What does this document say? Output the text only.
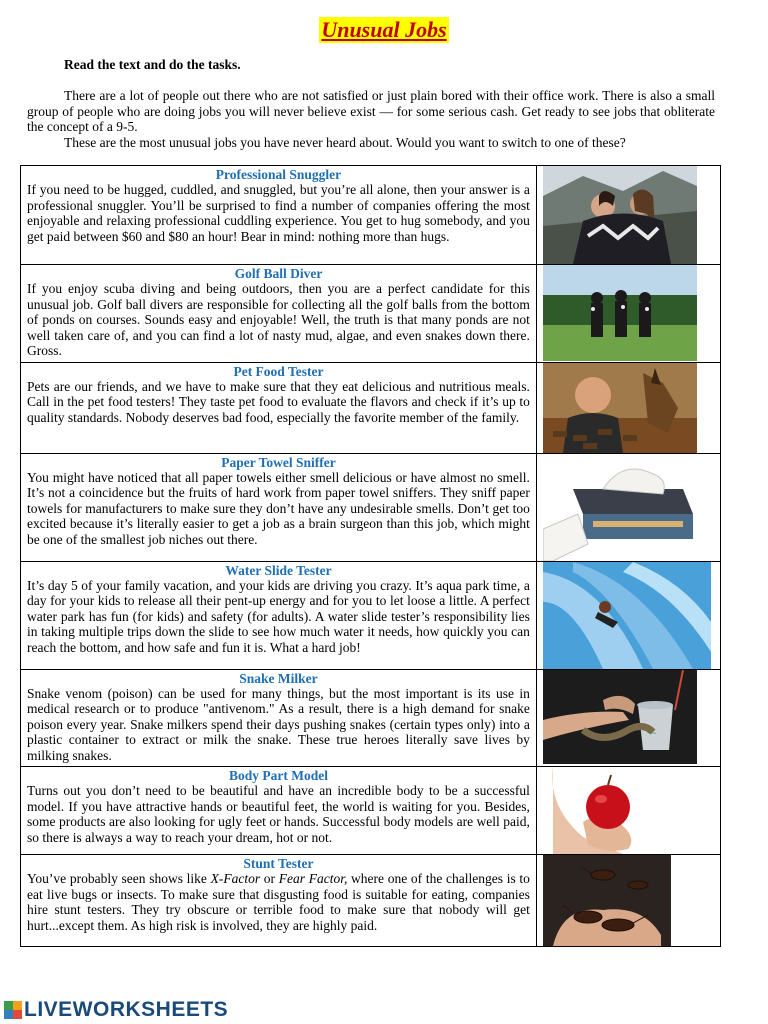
Unusual Jobs
Read the text and do the tasks.

There are a lot of people out there who are not satisfied or just plain bored with their office work. There is also a small group of people who are doing jobs you will never believe exist — for some serious cash. Get ready to see jobs that obliterate the concept of a 9-5.

These are the most unusual jobs you have never heard about. Would you want to switch to one of these?

Professional Snuggler
If you need to be hugged, cuddled, and snuggled, but you’re all alone, then your answer is a professional snuggler. You’ll be surprised to find a number of companies offering the most enjoyable and relaxing professional cuddling experience. You get to hug somebody, and you get paid between $60 and $80 an hour! Bear in mind: nothing more than hugs.

Golf Ball Diver
If you enjoy scuba diving and being outdoors, then you are a perfect candidate for this unusual job. Golf ball divers are responsible for collecting all the golf balls from the bottom of ponds on courses. Sounds easy and enjoyable! Well, the truth is that many ponds are not well taken care of, and you can find a lot of nasty mud, algae, and even snakes down there. Gross.

Pet Food Tester
Pets are our friends, and we have to make sure that they eat delicious and nutritious meals. Call in the pet food testers! They taste pet food to evaluate the flavors and check if it’s up to quality standards. Nobody deserves bad food, especially the favorite member of the family.

Paper Towel Sniffer
You might have noticed that all paper towels either smell delicious or have almost no smell. It’s not a coincidence but the fruits of hard work from paper towel sniffers. They sniff paper towels for manufacturers to make sure they don’t have any undesirable smells. Don’t get too excited because it’s literally easier to get a job as a brain surgeon than this job, which might be one of the smallest job niches out there.

Water Slide Tester
It’s day 5 of your family vacation, and your kids are driving you crazy. It’s aqua park time, a day for your kids to release all their pent-up energy and for you to let loose a little. A perfect water park has fun (for kids) and safety (for adults). A water slide tester’s responsibility lies in taking multiple trips down the slide to see how much water it needs, how quickly you can reach the bottom, and how safe and fun it is. What a hard job!

Snake Milker
Snake venom (poison) can be used for many things, but the most important is its use in medical research or to produce "antivenom." As a result, there is a high demand for snake poison every year. Snake milkers spend their days pushing snakes (certain types only) into a plastic container to extract or milk the snake. These true heroes literally save lives by milking snakes.	~~

Body Part Model
Turns out you don’t need to be beautiful and have an incredible body to be a successful model. If you have attractive hands or beautiful feet, the world is waiting for you. Besides, some products are also looking for ugly feet or hands. Successful body models are well paid, so there is always a way to reach your dream, hot or not.

Stunt Tester
You’ve probably seen shows like X-Factor or Fear Factor, where one of the challenges is to eat live bugs or insects. To make sure that disgusting food is suitable for eating, companies hire stunt testers. They try obscure or terrible food to make sure that nobody will get hurt...except them. As high risk is involved, they are highly paid.

LIVEWORKSHEETS
